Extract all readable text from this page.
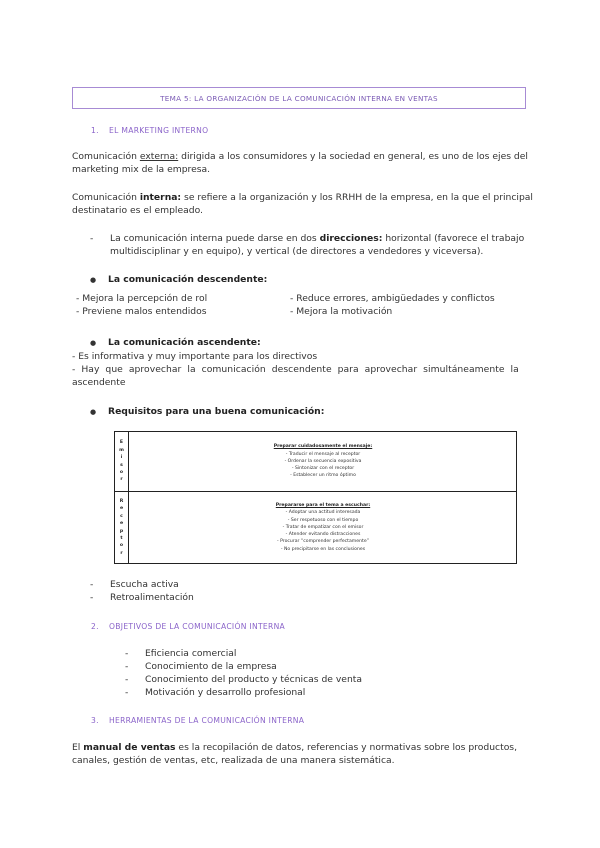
TEMA 5: LA ORGANIZACIÓN DE LA COMUNICACIÓN INTERNA EN VENTAS
1. EL MARKETING INTERNO
Comunicación externa: dirigida a los consumidores y la sociedad en general, es uno de los ejes del
marketing mix de la empresa.
Comunicación interna: se refiere a la organización y los RRHH de la empresa, en la que el principal
destinatario es el empleado.
- La comunicación interna puede darse en dos direcciones: horizontal (favorece el trabajo
multidisciplinar y en equipo), y vertical (de directores a vendedores y viceversa).
● La comunicación descendente:
- Mejora la percepción de rol
- Previene malos entendidos
- Reduce errores, ambigüedades y conflictos
- Mejora la motivación
● La comunicación ascendente:
- Es informativa y muy importante para los directivos
- Hay que aprovechar la comunicación descendente para aprovechar simultáneamente la
ascendente
● Requisitos para una buena comunicación:
E
m
i
s
o
r
Preparar cuidadosamente el mensaje:
- Traducir el mensaje al receptor
- Ordenar la secuencia expositiva
- Sintonizar con el receptor
- Establecer un ritmo óptimo
R
e
c
e
p
t
o
r
Prepararse para el tema a escuchar:
- Adoptar una actitud interesada
- Ser respetuoso con el tiempo
- Tratar de empatizar con el emisor
- Atender evitando distracciones
- Procurar “comprender perfectamente”
- No precipitarse en las conclusiones
- Escucha activa
- Retroalimentación
2. OBJETIVOS DE LA COMUNICACIÓN INTERNA
- Eficiencia comercial
- Conocimiento de la empresa
- Conocimiento del producto y técnicas de venta
- Motivación y desarrollo profesional
3. HERRAMIENTAS DE LA COMUNICACIÓN INTERNA
El manual de ventas es la recopilación de datos, referencias y normativas sobre los productos,
canales, gestión de ventas, etc, realizada de una manera sistemática.
